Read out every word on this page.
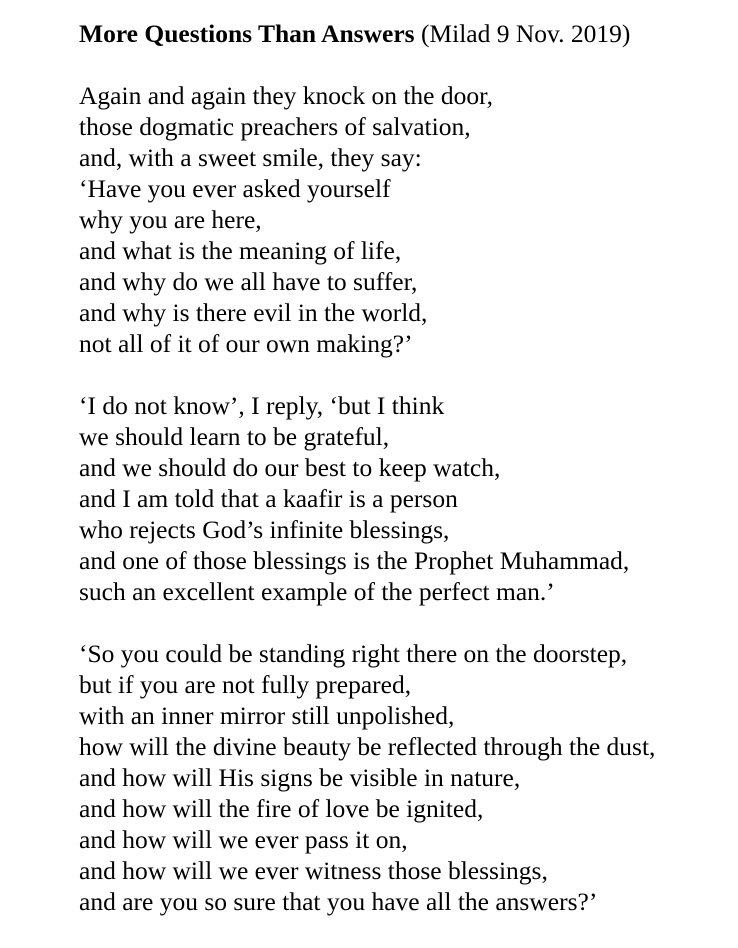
More Questions Than Answers (Milad 9 Nov. 2019)
Again and again they knock on the door,
those dogmatic preachers of salvation,
and, with a sweet smile, they say:
‘Have you ever asked yourself
why you are here,
and what is the meaning of life,
and why do we all have to suffer,
and why is there evil in the world,
not all of it of our own making?’
‘I do not know’, I reply, ‘but I think
we should learn to be grateful,
and we should do our best to keep watch,
and I am told that a kaafir is a person
who rejects God’s infinite blessings,
and one of those blessings is the Prophet Muhammad,
such an excellent example of the perfect man.’
‘So you could be standing right there on the doorstep,
but if you are not fully prepared,
with an inner mirror still unpolished,
how will the divine beauty be reflected through the dust,
and how will His signs be visible in nature,
and how will the fire of love be ignited,
and how will we ever pass it on,
and how will we ever witness those blessings,
and are you so sure that you have all the answers?’
